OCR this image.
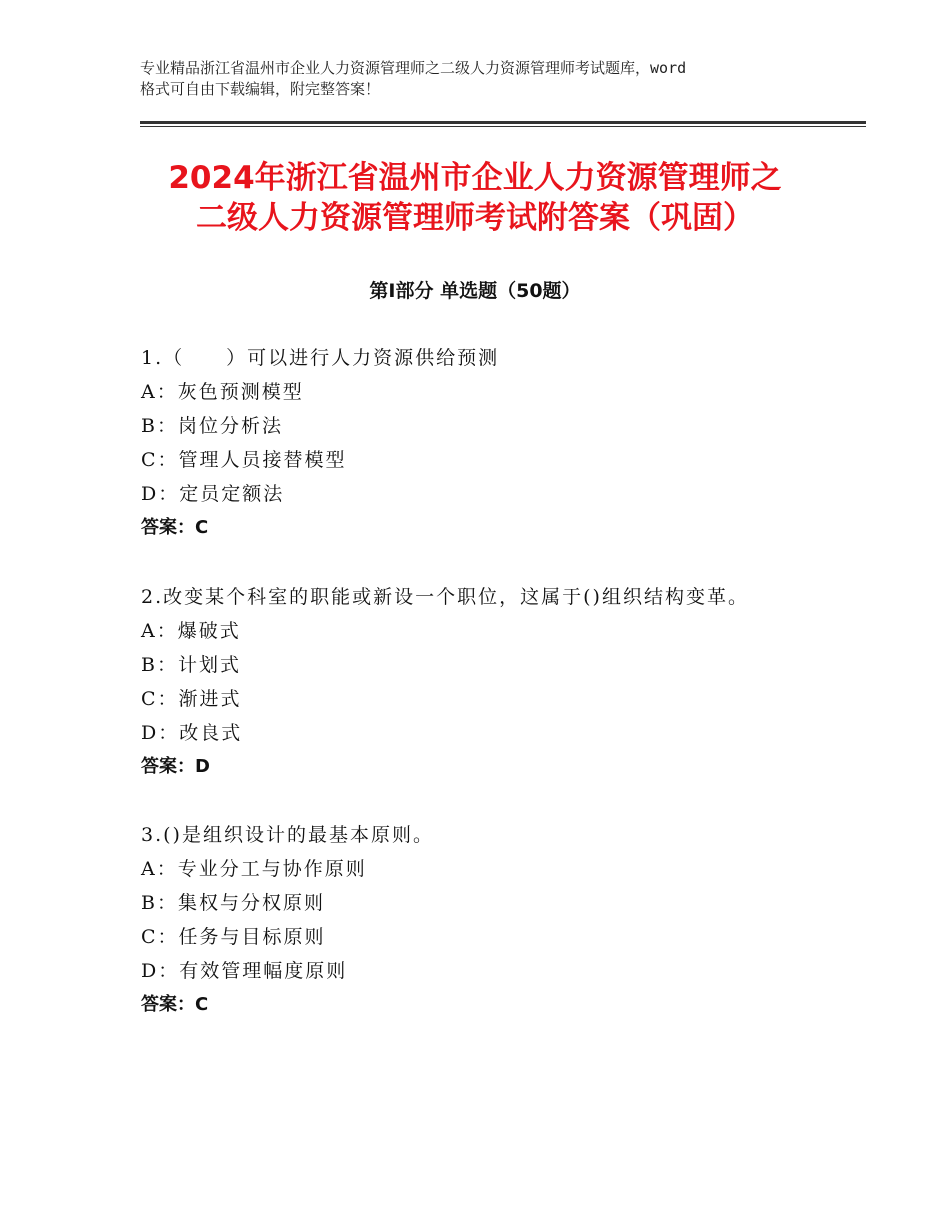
专业精品浙江省温州市企业人力资源管理师之二级人力资源管理师考试题库，word
格式可自由下载编辑，附完整答案！
2024年浙江省温州市企业人力资源管理师之
二级人力资源管理师考试附答案（巩固）
第Ⅰ部分 单选题（50题）
1.（　　）可以进行人力资源供给预测
A：灰色预测模型
B：岗位分析法
C：管理人员接替模型
D：定员定额法
答案：C
2.改变某个科室的职能或新设一个职位，这属于()组织结构变革。
A：爆破式
B：计划式
C：渐进式
D：改良式
答案：D
3.()是组织设计的最基本原则。
A：专业分工与协作原则
B：集权与分权原则
C：任务与目标原则
D：有效管理幅度原则
答案：C
